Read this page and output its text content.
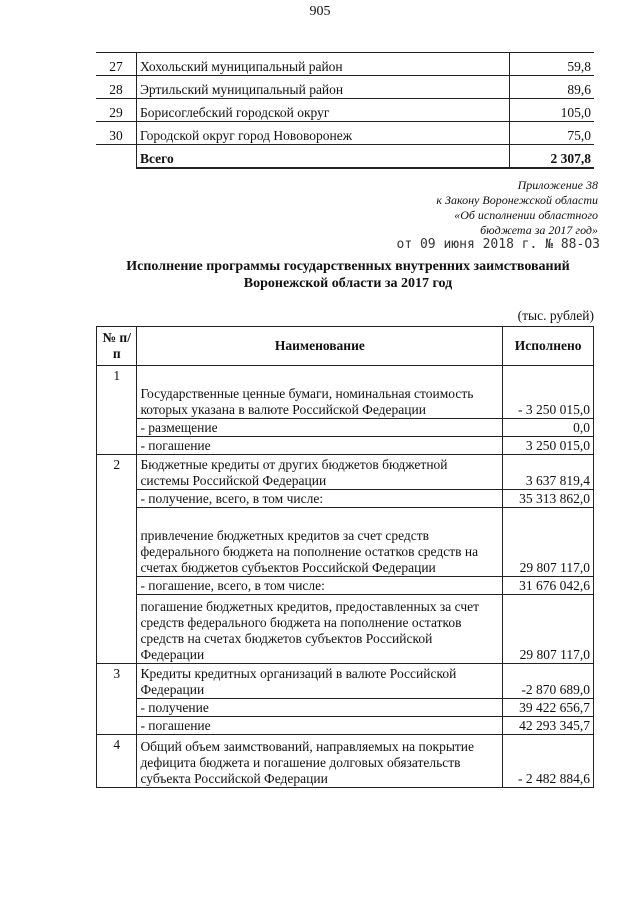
905
27	Хохольский муниципальный район	59,8
28	Эртильский муниципальный район	89,6
29	Борисоглебский городской округ	105,0
30	Городской округ город Нововоронеж	75,0
	Всего	2 307,8
Приложение 38
к Закону Воронежской области
«Об исполнении областного
бюджета за 2017 год»
от 09 июня 2018 г. № 88-ОЗ
Исполнение программы государственных внутренних заимствований
Воронежской области за 2017 год
(тыс. рублей)
№ п/п	Наименование	Исполнено
1	Государственные ценные бумаги, номинальная стоимость которых указана в валюте Российской Федерации	- 3 250 015,0
	- размещение	0,0
	- погашение	3 250 015,0
2	Бюджетные кредиты от других бюджетов бюджетной системы Российской Федерации	3 637 819,4
	- получение, всего, в том числе:	35 313 862,0
	привлечение бюджетных кредитов за счет средств федерального бюджета на пополнение остатков средств на счетах бюджетов субъектов Российской Федерации	29 807 117,0
	- погашение, всего, в том числе:	31 676 042,6
	погашение бюджетных кредитов, предоставленных за счет средств федерального бюджета на пополнение остатков средств на счетах бюджетов субъектов Российской Федерации	29 807 117,0
3	Кредиты кредитных организаций в валюте Российской Федерации	-2 870 689,0
	- получение	39 422 656,7
	- погашение	42 293 345,7
4	Общий объем заимствований, направляемых на покрытие дефицита бюджета и погашение долговых обязательств субъекта Российской Федерации	- 2 482 884,6
